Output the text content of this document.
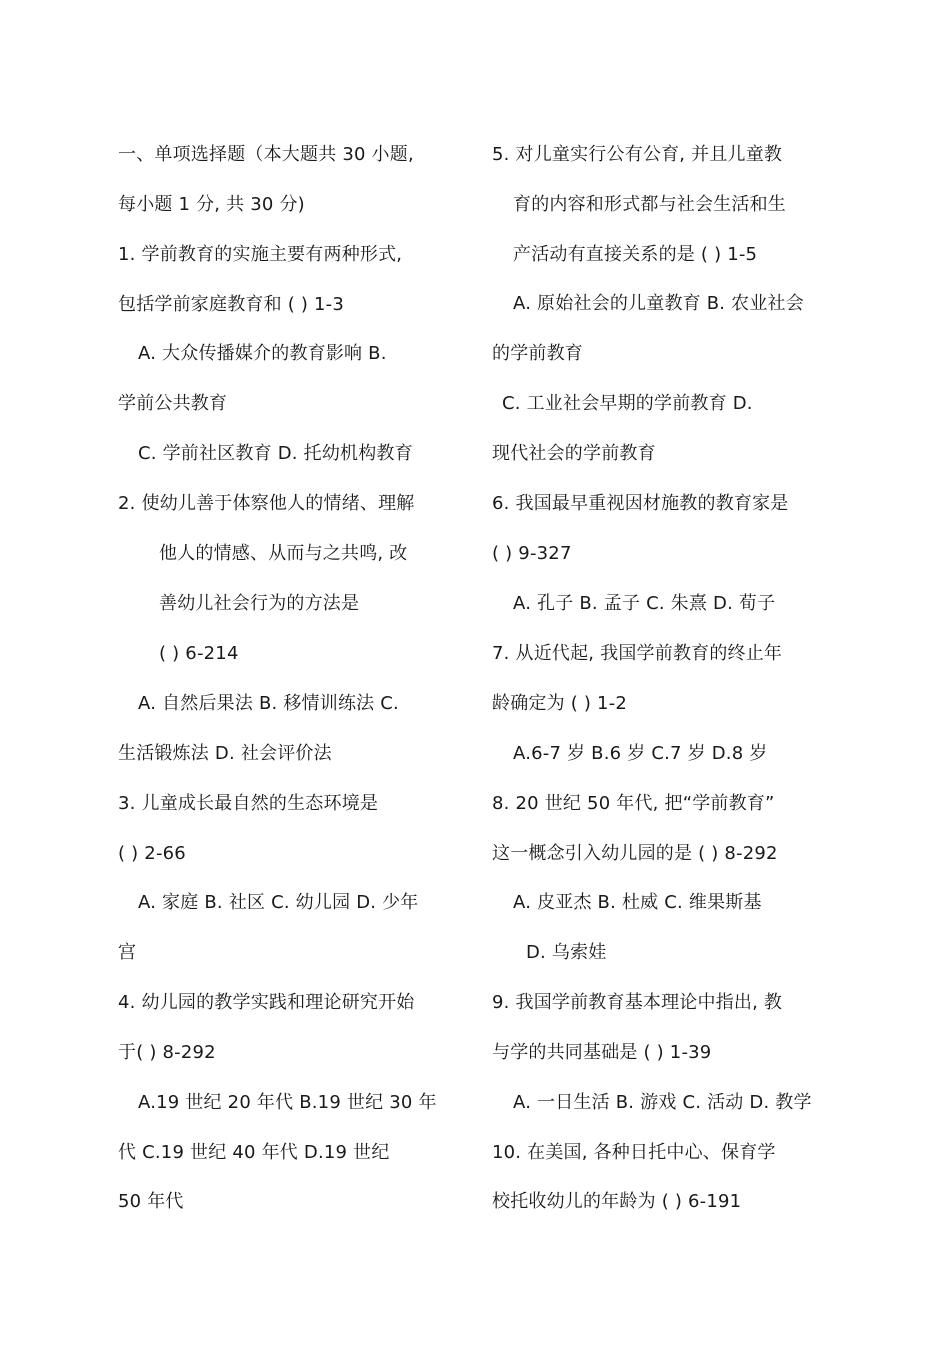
一、单项选择题（本大题共 30 小题,
每小题 1 分, 共 30 分)
1. 学前教育的实施主要有两种形式,
包括学前家庭教育和 ( ) 1-3
A. 大众传播媒介的教育影响 B.
学前公共教育
C. 学前社区教育 D. 托幼机构教育
2. 使幼儿善于体察他人的情绪、理解
他人的情感、从而与之共鸣, 改
善幼儿社会行为的方法是
( ) 6-214
A. 自然后果法 B. 移情训练法 C.
生活锻炼法 D. 社会评价法
3. 儿童成长最自然的生态环境是
( ) 2-66
A. 家庭 B. 社区 C. 幼儿园 D. 少年
宫
4. 幼儿园的教学实践和理论研究开始
于( ) 8-292
A.19 世纪 20 年代 B.19 世纪 30 年
代 C.19 世纪 40 年代 D.19 世纪
50 年代
5. 对儿童实行公有公育, 并且儿童教
育的内容和形式都与社会生活和生
产活动有直接关系的是 ( ) 1-5
A. 原始社会的儿童教育 B. 农业社会
的学前教育
C. 工业社会早期的学前教育 D.
现代社会的学前教育
6. 我国最早重视因材施教的教育家是
( ) 9-327
A. 孔子 B. 孟子 C. 朱熹 D. 荀子
7. 从近代起, 我国学前教育的终止年
龄确定为 ( ) 1-2
A.6-7 岁 B.6 岁 C.7 岁 D.8 岁
8. 20 世纪 50 年代, 把“学前教育”
这一概念引入幼儿园的是 ( ) 8-292
A. 皮亚杰 B. 杜威 C. 维果斯基
D. 乌索娃
9. 我国学前教育基本理论中指出, 教
与学的共同基础是 ( ) 1-39
A. 一日生活 B. 游戏 C. 活动 D. 教学
10. 在美国, 各种日托中心、保育学
校托收幼儿的年龄为 ( ) 6-191
